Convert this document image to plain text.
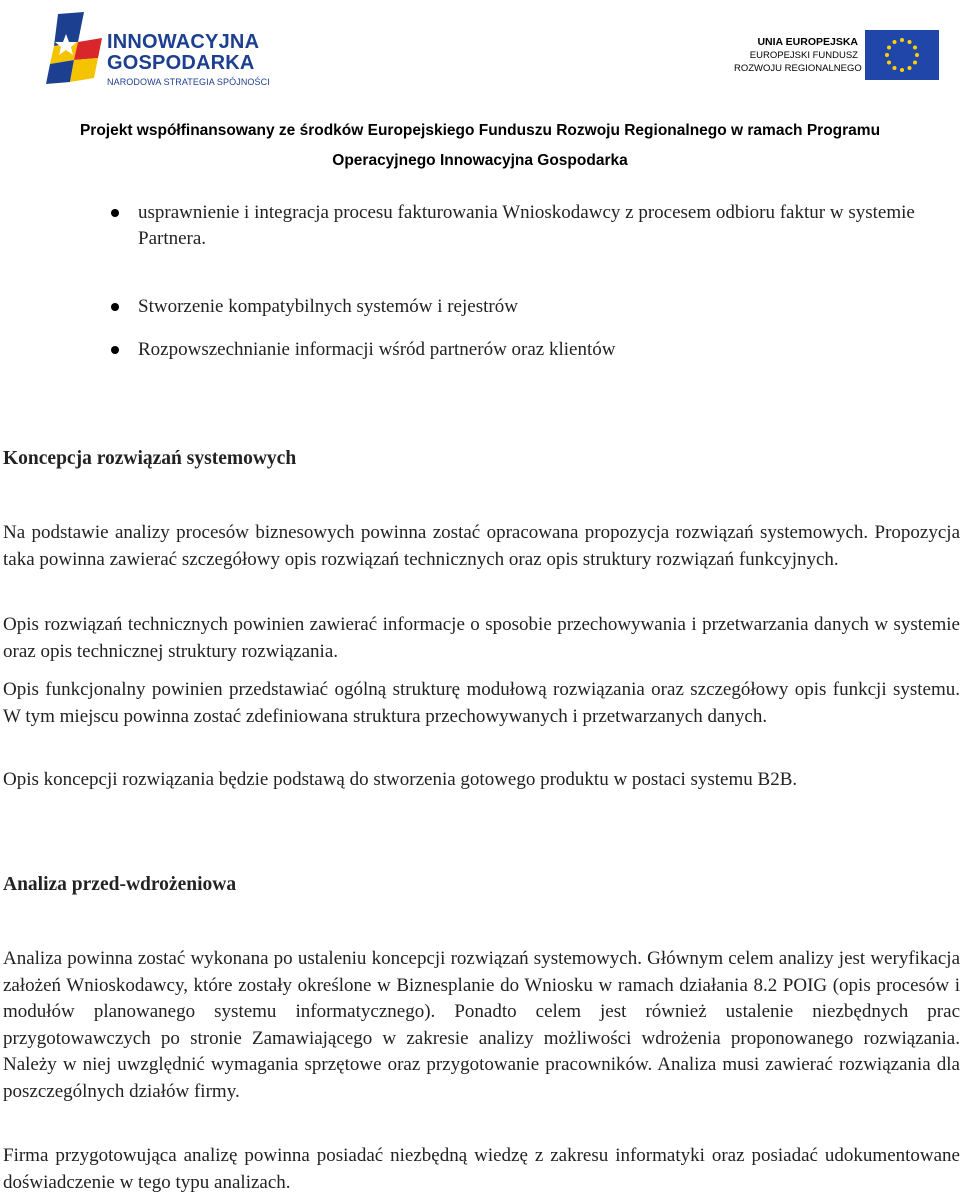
INNOWACYJNA
GOSPODARKA
NARODOWA STRATEGIA SPÓJNOŚCI
UNIA EUROPEJSKA
EUROPEJSKI FUNDUSZ
ROZWOJU REGIONALNEGO
Projekt współfinansowany ze środków Europejskiego Funduszu Rozwoju Regionalnego w ramach Programu
Operacyjnego Innowacyjna Gospodarka
usprawnienie i integracja procesu fakturowania Wnioskodawcy z procesem odbioru faktur w systemie Partnera.
Stworzenie kompatybilnych systemów i rejestrów
Rozpowszechnianie informacji wśród partnerów oraz klientów
Koncepcja rozwiązań systemowych

Na podstawie analizy procesów biznesowych powinna zostać opracowana propozycja rozwiązań systemowych. Propozycja taka powinna zawierać szczegółowy opis rozwiązań technicznych oraz opis struktury rozwiązań funkcyjnych.

Opis rozwiązań technicznych powinien zawierać informacje o sposobie przechowywania i przetwarzania danych w systemie oraz opis technicznej struktury rozwiązania.

Opis funkcjonalny powinien przedstawiać ogólną strukturę modułową rozwiązania oraz szczegółowy opis funkcji systemu. W tym miejscu powinna zostać zdefiniowana struktura przechowywanych i przetwarzanych danych.

Opis koncepcji rozwiązania będzie podstawą do stworzenia gotowego produktu w postaci systemu B2B.

Analiza przed-wdrożeniowa

Analiza powinna zostać wykonana po ustaleniu koncepcji rozwiązań systemowych. Głównym celem analizy jest weryfikacja założeń Wnioskodawcy, które zostały określone w Biznesplanie do Wniosku w ramach działania 8.2 POIG (opis procesów i modułów planowanego systemu informatycznego). Ponadto celem jest również ustalenie niezbędnych prac przygotowawczych po stronie Zamawiającego w zakresie analizy możliwości wdrożenia proponowanego rozwiązania. Należy w niej uwzględnić wymagania sprzętowe oraz przygotowanie pracowników. Analiza musi zawierać rozwiązania dla poszczególnych działów firmy.

Firma przygotowująca analizę powinna posiadać niezbędną wiedzę z zakresu informatyki oraz posiadać udokumentowane doświadczenie w tego typu analizach.
